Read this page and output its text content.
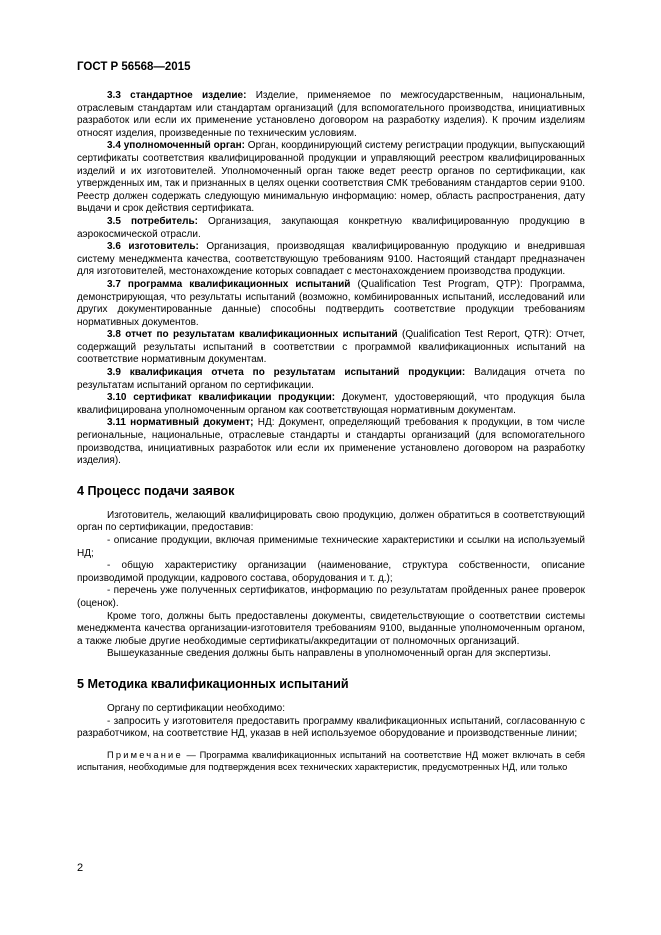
ГОСТ Р 56568—2015

3.3 стандартное изделие: Изделие, применяемое по межгосударственным, национальным, отраслевым стандартам или стандартам организаций (для вспомогательного производства, инициативных разработок или если их применение установлено договором на разработку изделия). К прочим изделиям относят изделия, произведенные по техническим условиям.

3.4 уполномоченный орган: Орган, координирующий систему регистрации продукции, выпускающий сертификаты соответствия квалифицированной продукции и управляющий реестром квалифицированных изделий и их изготовителей. Уполномоченный орган также ведет реестр органов по сертификации, как утвержденных им, так и признанных в целях оценки соответствия СМК требованиям стандартов серии 9100. Реестр должен содержать следующую минимальную информацию: номер, область распространения, дату выдачи и срок действия сертификата.

3.5 потребитель: Организация, закупающая конкретную квалифицированную продукцию в аэрокосмической отрасли.

3.6 изготовитель: Организация, производящая квалифицированную продукцию и внедрившая систему менеджмента качества, соответствующую требованиям 9100. Настоящий стандарт предназначен для изготовителей, местонахождение которых совпадает с местонахождением производства продукции.

3.7 программа квалификационных испытаний (Qualification Test Program, QTP): Программа, демонстрирующая, что результаты испытаний (возможно, комбинированных испытаний, исследований или других документированные данные) способны подтвердить соответствие продукции требованиям нормативных документов.

3.8 отчет по результатам квалификационных испытаний (Qualification Test Report, QTR): Отчет, содержащий результаты испытаний в соответствии с программой квалификационных испытаний на соответствие нормативным документам.

3.9 квалификация отчета по результатам испытаний продукции: Валидация отчета по результатам испытаний органом по сертификации.

3.10 сертификат квалификации продукции: Документ, удостоверяющий, что продукция была квалифицирована уполномоченным органом как соответствующая нормативным документам.

3.11 нормативный документ; НД: Документ, определяющий требования к продукции, в том числе региональные, национальные, отраслевые стандарты и стандарты организаций (для вспомогательного производства, инициативных разработок или если их применение установлено договором на разработку изделия).

4 Процесс подачи заявок

Изготовитель, желающий квалифицировать свою продукцию, должен обратиться в соответствующий орган по сертификации, предоставив:

- описание продукции, включая применимые технические характеристики и ссылки на используемый НД;

- общую характеристику организации (наименование, структура собственности, описание производимой продукции, кадрового состава, оборудования и т. д.);

- перечень уже полученных сертификатов, информацию по результатам пройденных ранее проверок (оценок).

Кроме того, должны быть предоставлены документы, свидетельствующие о соответствии системы менеджмента качества организации-изготовителя требованиям 9100, выданные уполномоченным органом, а также любые другие необходимые сертификаты/аккредитации от полномочных организаций.

Вышеуказанные сведения должны быть направлены в уполномоченный орган для экспертизы.

5 Методика квалификационных испытаний

Органу по сертификации необходимо:

- запросить у изготовителя предоставить программу квалификационных испытаний, согласованную с разработчиком, на соответствие НД, указав в ней используемое оборудование и производственные линии;

Примечание — Программа квалификационных испытаний на соответствие НД может включать в себя испытания, необходимые для подтверждения всех технических характеристик, предусмотренных НД, или только

2
